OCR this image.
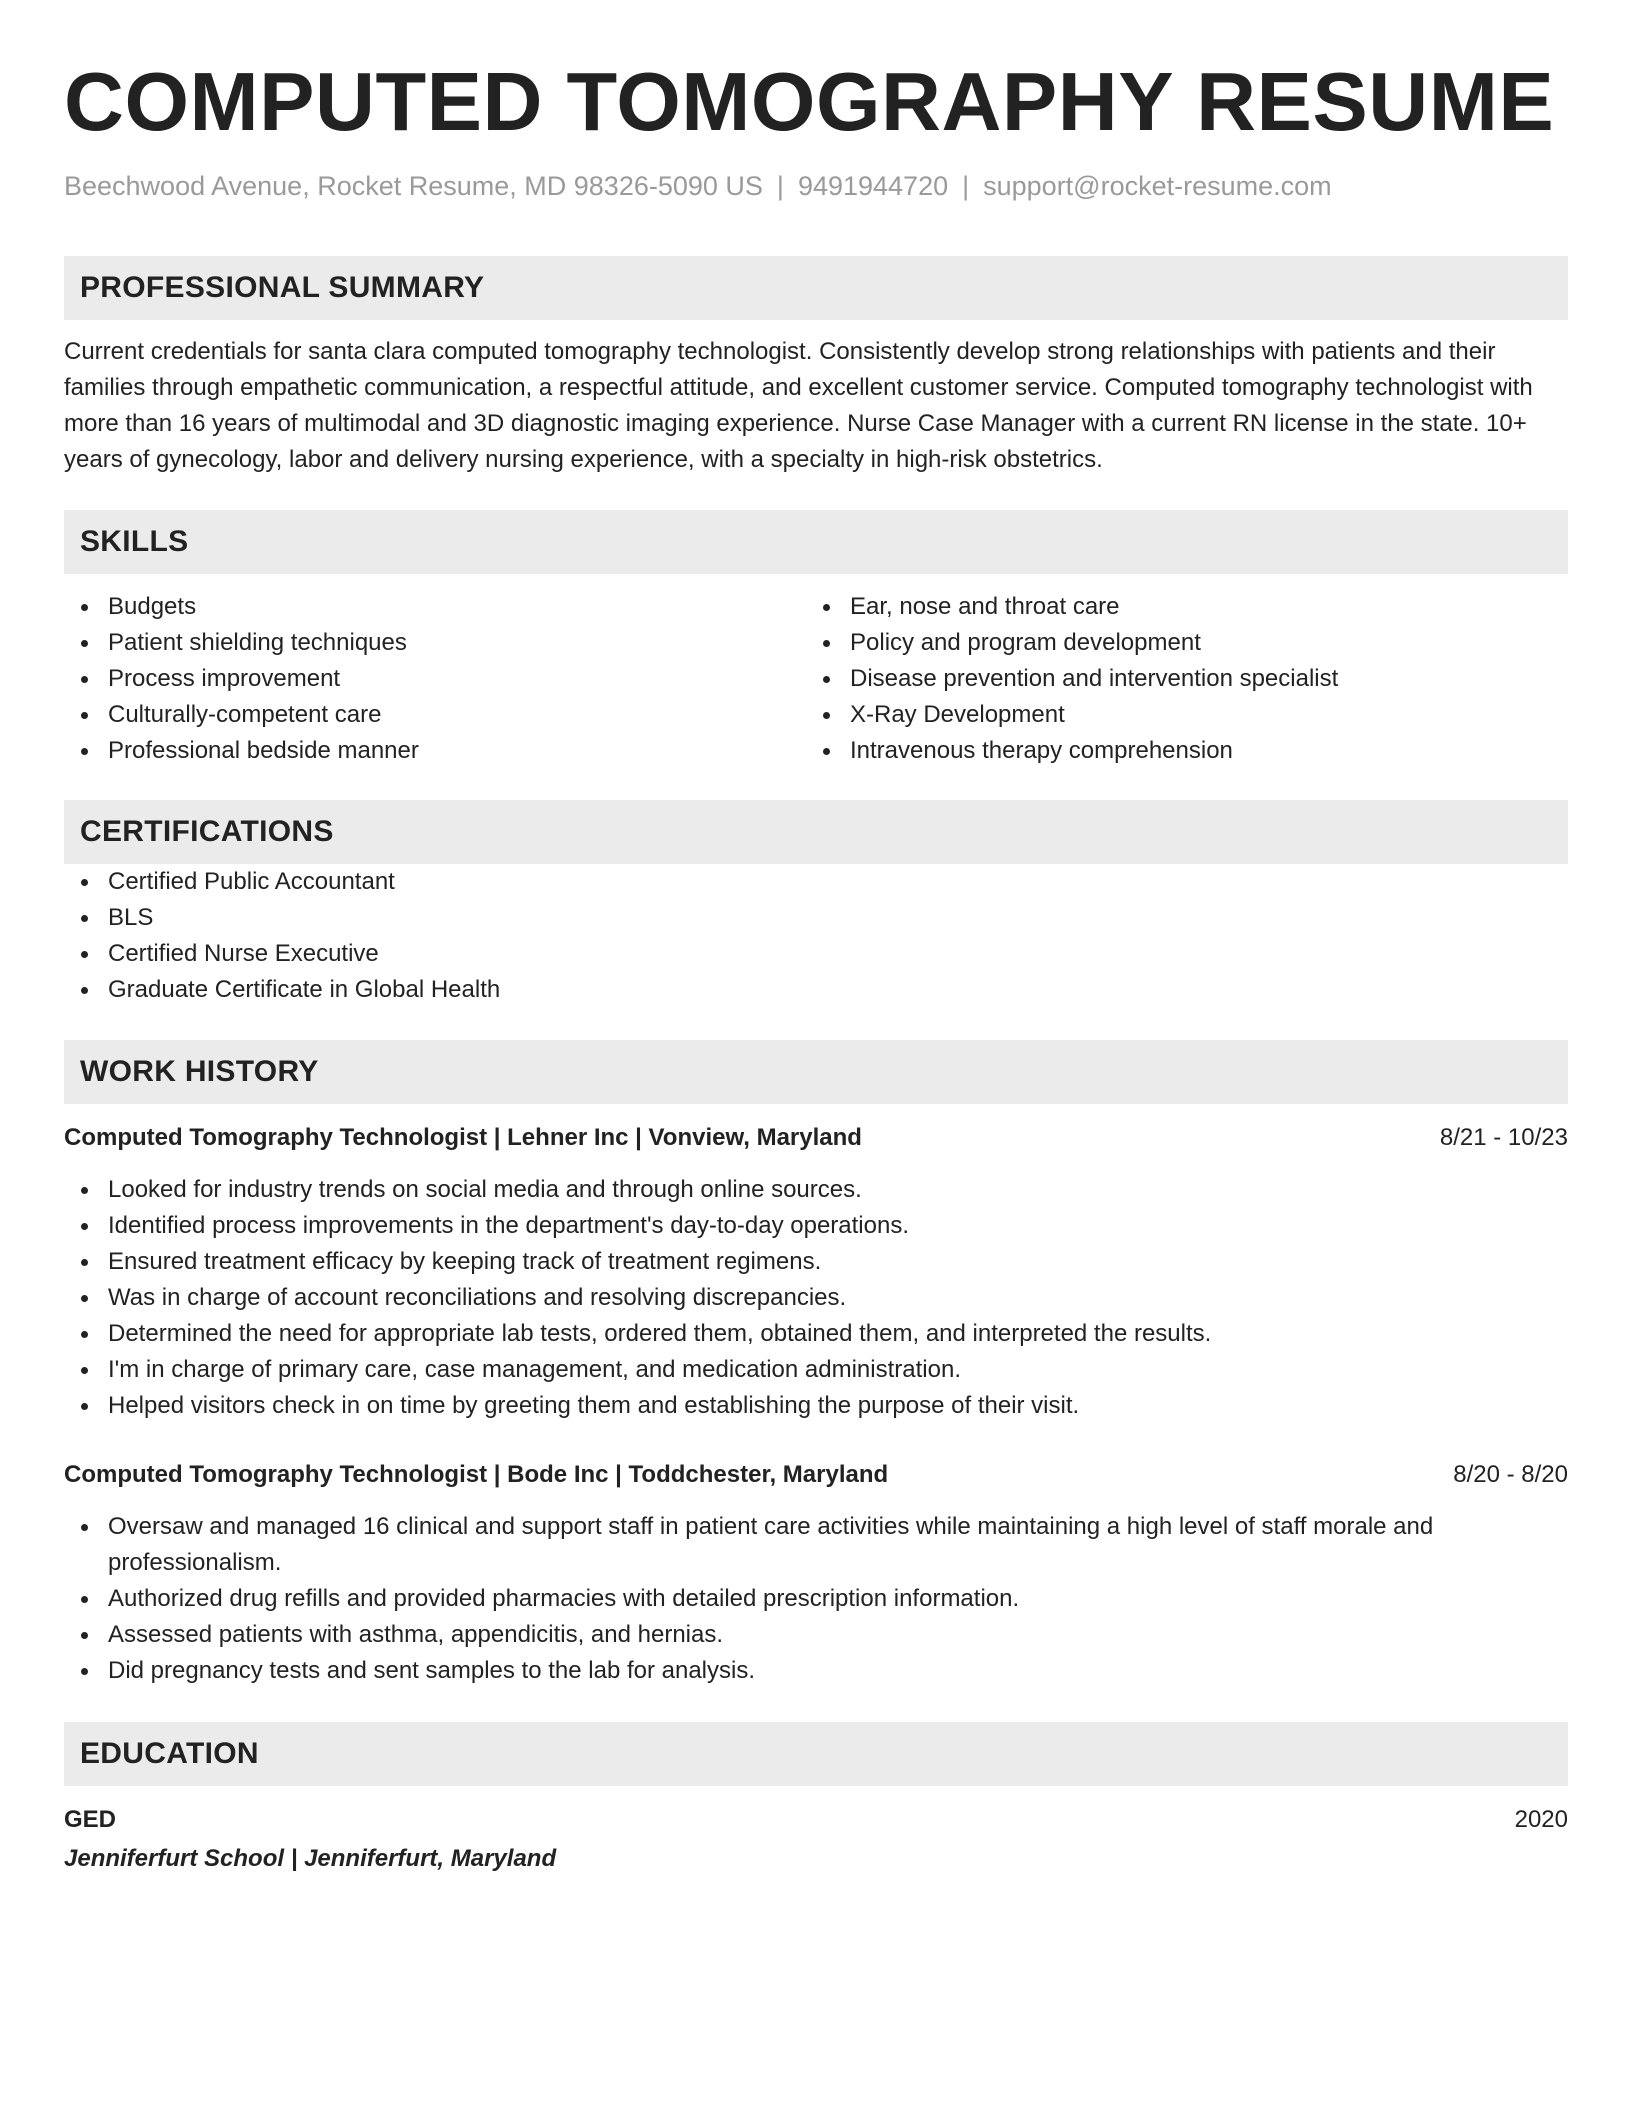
COMPUTED TOMOGRAPHY RESUME
Beechwood Avenue, Rocket Resume, MD 98326-5090 US | 9491944720 | support@rocket-resume.com
PROFESSIONAL SUMMARY

Current credentials for santa clara computed tomography technologist. Consistently develop strong relationships with patients and their families through empathetic communication, a respectful attitude, and excellent customer service. Computed tomography technologist with more than 16 years of multimodal and 3D diagnostic imaging experience. Nurse Case Manager with a current RN license in the state. 10+ years of gynecology, labor and delivery nursing experience, with a specialty in high-risk obstetrics.

SKILLS
Budgets
Patient shielding techniques
Process improvement
Culturally-competent care
Professional bedside manner
Ear, nose and throat care
Policy and program development
Disease prevention and intervention specialist
X-Ray Development
Intravenous therapy comprehension
CERTIFICATIONS
Certified Public Accountant
BLS
Certified Nurse Executive
Graduate Certificate in Global Health
WORK HISTORY
Computed Tomography Technologist | Lehner Inc | Vonview, Maryland	8/21 - 10/23
Looked for industry trends on social media and through online sources.
Identified process improvements in the department's day-to-day operations.
Ensured treatment efficacy by keeping track of treatment regimens.
Was in charge of account reconciliations and resolving discrepancies.
Determined the need for appropriate lab tests, ordered them, obtained them, and interpreted the results.
I'm in charge of primary care, case management, and medication administration.
Helped visitors check in on time by greeting them and establishing the purpose of their visit.
Computed Tomography Technologist | Bode Inc | Toddchester, Maryland	8/20 - 8/20
Oversaw and managed 16 clinical and support staff in patient care activities while maintaining a high level of staff morale and professionalism.
Authorized drug refills and provided pharmacies with detailed prescription information.
Assessed patients with asthma, appendicitis, and hernias.
Did pregnancy tests and sent samples to the lab for analysis.
EDUCATION
GED	2020
Jenniferfurt School | Jenniferfurt, Maryland
